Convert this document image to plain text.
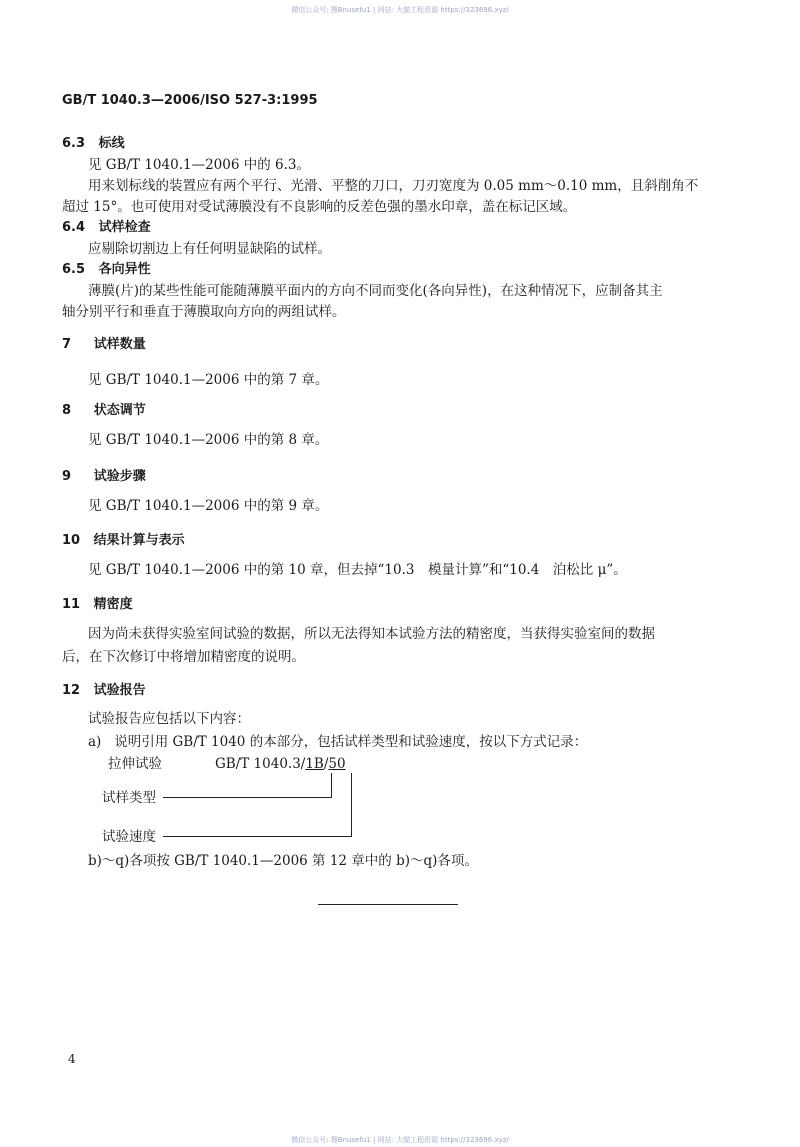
微信公众号: 搜Bnusefu1 | 网站: 大猫工程资源 https://323696.xyz/
GB/T 1040.3—2006/ISO 527-3:1995
6.3 标线
见 GB/T 1040.1—2006 中的 6.3。
用来划标线的装置应有两个平行、光滑、平整的刀口，刀刃宽度为 0.05 mm～0.10 mm，且斜削角不
超过 15°。也可使用对受试薄膜没有不良影响的反差色强的墨水印章，盖在标记区域。
6.4 试样检查
应剔除切割边上有任何明显缺陷的试样。
6.5 各向异性
薄膜(片)的某些性能可能随薄膜平面内的方向不同而变化(各向异性)，在这种情况下，应制备其主
轴分别平行和垂直于薄膜取向方向的两组试样。
7 试样数量
见 GB/T 1040.1—2006 中的第 7 章。
8 状态调节
见 GB/T 1040.1—2006 中的第 8 章。
9 试验步骤
见 GB/T 1040.1—2006 中的第 9 章。
10 结果计算与表示
见 GB/T 1040.1—2006 中的第 10 章，但去掉“10.3　模量计算”和“10.4　泊松比 μ”。
11 精密度
因为尚未获得实验室间试验的数据，所以无法得知本试验方法的精密度，当获得实验室间的数据
后，在下次修订中将增加精密度的说明。
12 试验报告
试验报告应包括以下内容：
a) 说明引用 GB/T 1040 的本部分，包括试样类型和试验速度，按以下方式记录：
拉伸试验	GB/T 1040.3/1B/50
试样类型
试验速度
b)～q)各项按 GB/T 1040.1—2006 第 12 章中的 b)～q)各项。
4
微信公众号: 搜Bnusefu1 | 网站: 大猫工程资源 https://323696.xyz/
